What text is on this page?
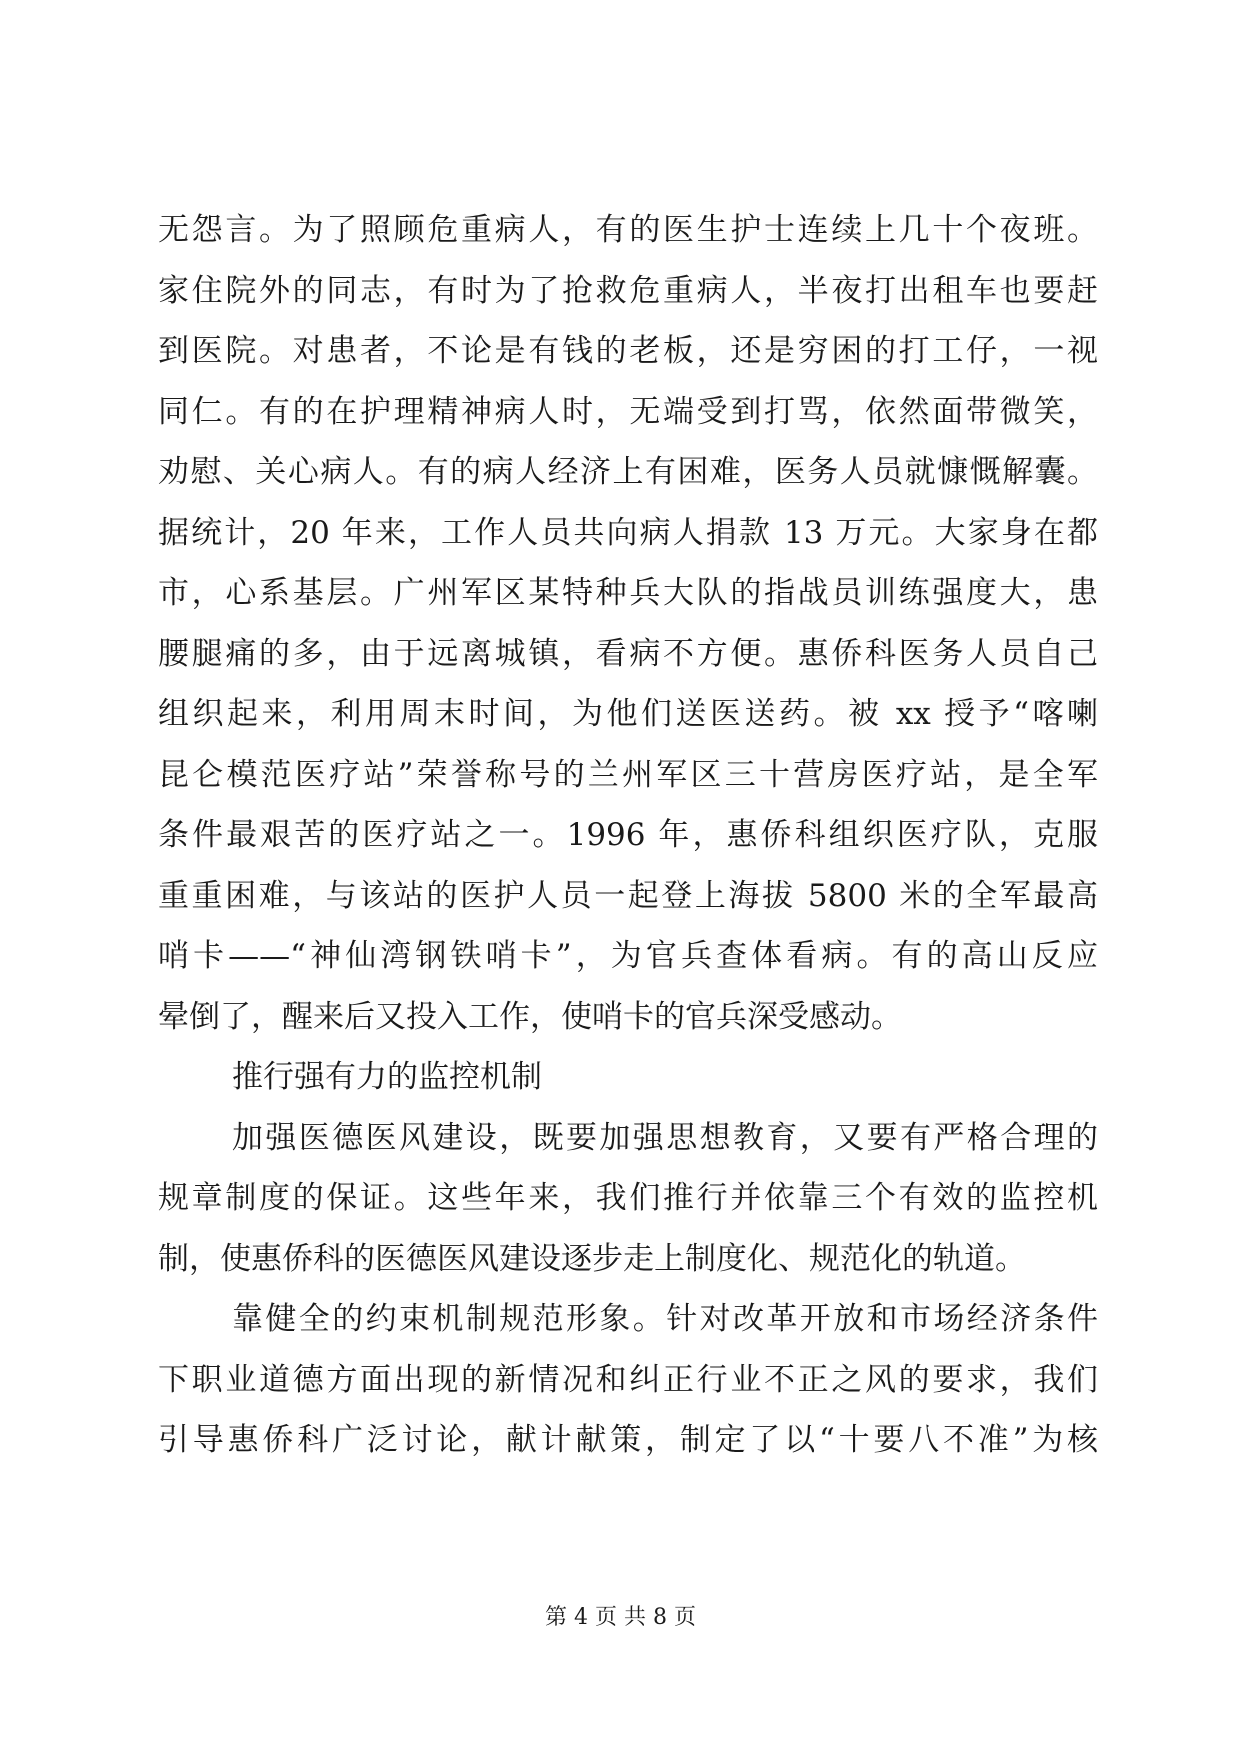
无怨言。为了照顾危重病人，有的医生护士连续上几十个夜班。
家住院外的同志，有时为了抢救危重病人，半夜打出租车也要赶
到医院。对患者，不论是有钱的老板，还是穷困的打工仔，一视
同仁。有的在护理精神病人时，无端受到打骂，依然面带微笑，
劝慰、关心病人。有的病人经济上有困难，医务人员就慷慨解囊。
据统计，20 年来，工作人员共向病人捐款 13 万元。大家身在都
市，心系基层。广州军区某特种兵大队的指战员训练强度大，患
腰腿痛的多，由于远离城镇，看病不方便。惠侨科医务人员自己
组织起来，利用周末时间，为他们送医送药。被 xx 授予“喀喇
昆仑模范医疗站”荣誉称号的兰州军区三十营房医疗站，是全军
条件最艰苦的医疗站之一。1996 年，惠侨科组织医疗队，克服
重重困难，与该站的医护人员一起登上海拔 5800 米的全军最高
哨卡——“神仙湾钢铁哨卡”，为官兵查体看病。有的高山反应
晕倒了，醒来后又投入工作，使哨卡的官兵深受感动。
推行强有力的监控机制
加强医德医风建设，既要加强思想教育，又要有严格合理的
规章制度的保证。这些年来，我们推行并依靠三个有效的监控机
制，使惠侨科的医德医风建设逐步走上制度化、规范化的轨道。
靠健全的约束机制规范形象。针对改革开放和市场经济条件
下职业道德方面出现的新情况和纠正行业不正之风的要求，我们
引导惠侨科广泛讨论，献计献策，制定了以“十要八不准”为核
第 4 页 共 8 页
